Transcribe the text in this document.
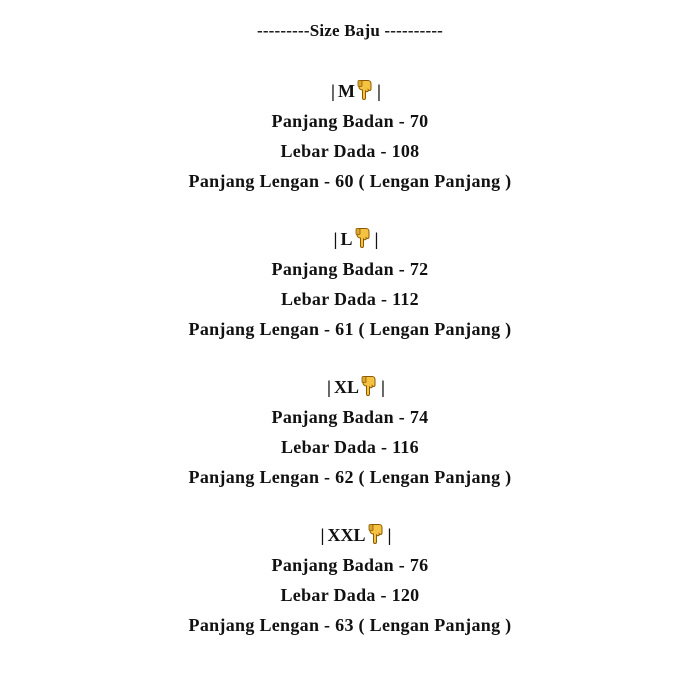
---------Size Baju ----------
| M |
Panjang Badan - 70
Lebar Dada - 108
Panjang Lengan - 60 ( Lengan Panjang )
| L |
Panjang Badan - 72
Lebar Dada - 112
Panjang Lengan - 61 ( Lengan Panjang )
| XL |
Panjang Badan - 74
Lebar Dada - 116
Panjang Lengan - 62 ( Lengan Panjang )
| XXL |
Panjang Badan - 76
Lebar Dada - 120
Panjang Lengan - 63 ( Lengan Panjang )
